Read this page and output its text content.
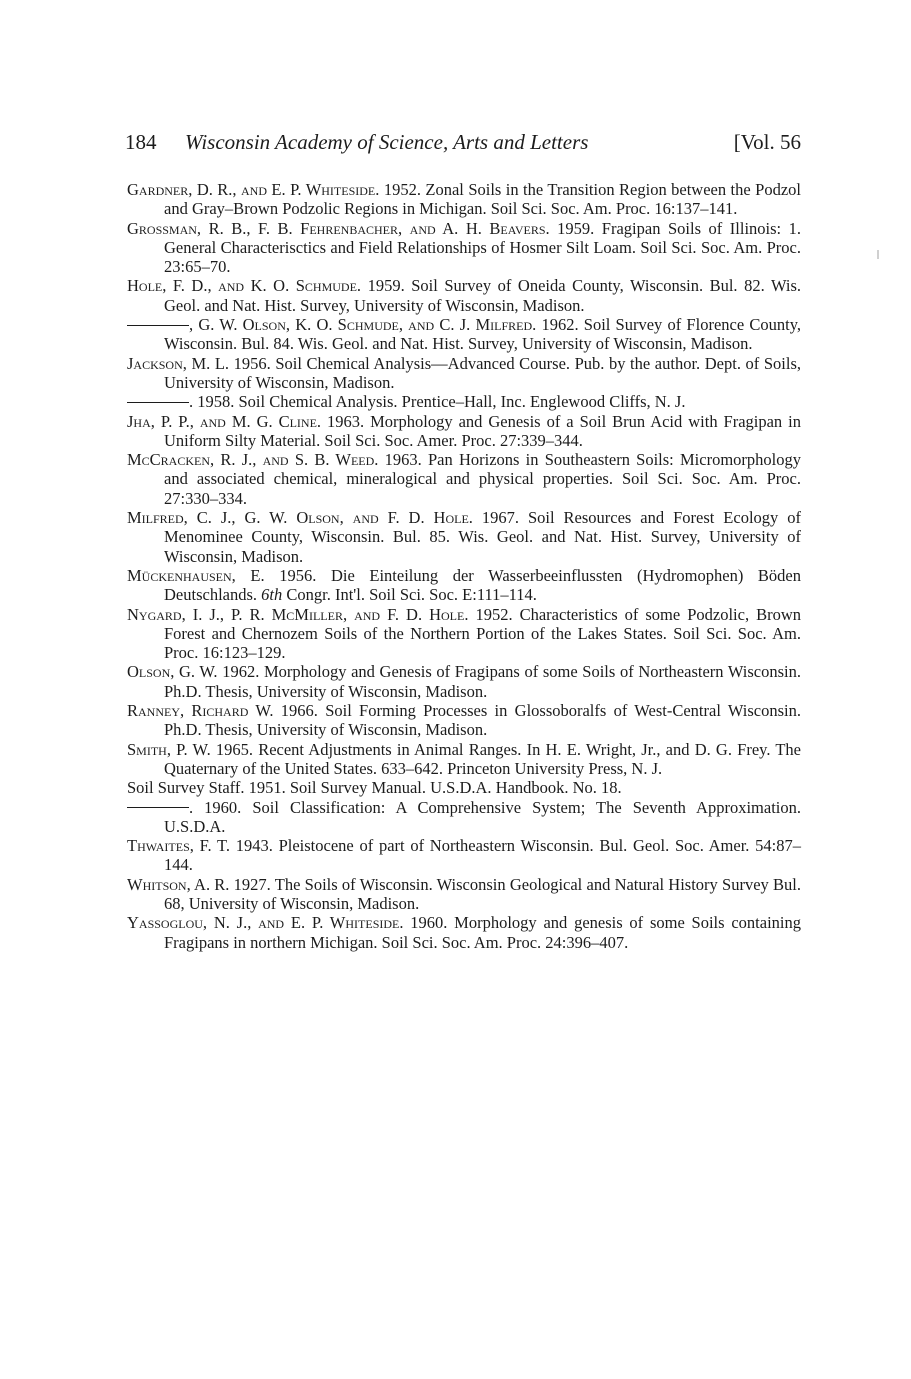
184 Wisconsin Academy of Science, Arts and Letters	[Vol. 56

Gardner, D. R., and E. P. Whiteside. 1952. Zonal Soils in the Transition Region between the Podzol and Gray–Brown Podzolic Regions in Michigan. Soil Sci. Soc. Am. Proc. 16:137–141.

Grossman, R. B., F. B. Fehrenbacher, and A. H. Beavers. 1959. Fragipan Soils of Illinois: 1. General Characterisctics and Field Relationships of Hosmer Silt Loam. Soil Sci. Soc. Am. Proc. 23:65–70.

Hole, F. D., and K. O. Schmude. 1959. Soil Survey of Oneida County, Wisconsin. Bul. 82. Wis. Geol. and Nat. Hist. Survey, University of Wisconsin, Madison.

, G. W. Olson, K. O. Schmude, and C. J. Milfred. 1962. Soil Survey of Florence County, Wisconsin. Bul. 84. Wis. Geol. and Nat. Hist. Survey, University of Wisconsin, Madison.

Jackson, M. L. 1956. Soil Chemical Analysis—Advanced Course. Pub. by the author. Dept. of Soils, University of Wisconsin, Madison.

. 1958. Soil Chemical Analysis. Prentice–Hall, Inc. Englewood Cliffs, N. J.

Jha, P. P., and M. G. Cline. 1963. Morphology and Genesis of a Soil Brun Acid with Fragipan in Uniform Silty Material. Soil Sci. Soc. Amer. Proc. 27:339–344.

McCracken, R. J., and S. B. Weed. 1963. Pan Horizons in Southeastern Soils: Micromorphology and associated chemical, mineralogical and physical properties. Soil Sci. Soc. Am. Proc. 27:330–334.

Milfred, C. J., G. W. Olson, and F. D. Hole. 1967. Soil Resources and Forest Ecology of Menominee County, Wisconsin. Bul. 85. Wis. Geol. and Nat. Hist. Survey, University of Wisconsin, Madison.

Mückenhausen, E. 1956. Die Einteilung der Wasserbeeinflussten (Hydromophen) Böden Deutschlands. 6th Congr. Int'l. Soil Sci. Soc. E:111–114.

Nygard, I. J., P. R. McMiller, and F. D. Hole. 1952. Characteristics of some Podzolic, Brown Forest and Chernozem Soils of the Northern Portion of the Lakes States. Soil Sci. Soc. Am. Proc. 16:123–129.

Olson, G. W. 1962. Morphology and Genesis of Fragipans of some Soils of Northeastern Wisconsin. Ph.D. Thesis, University of Wisconsin, Madison.

Ranney, Richard W. 1966. Soil Forming Processes in Glossoboralfs of West-Central Wisconsin. Ph.D. Thesis, University of Wisconsin, Madison.

Smith, P. W. 1965. Recent Adjustments in Animal Ranges. In H. E. Wright, Jr., and D. G. Frey. The Quaternary of the United States. 633–642. Princeton University Press, N. J.

Soil Survey Staff. 1951. Soil Survey Manual. U.S.D.A. Handbook. No. 18.

. 1960. Soil Classification: A Comprehensive System; The Seventh Approximation. U.S.D.A.

Thwaites, F. T. 1943. Pleistocene of part of Northeastern Wisconsin. Bul. Geol. Soc. Amer. 54:87–144.

Whitson, A. R. 1927. The Soils of Wisconsin. Wisconsin Geological and Natural History Survey Bul. 68, University of Wisconsin, Madison.

Yassoglou, N. J., and E. P. Whiteside. 1960. Morphology and genesis of some Soils containing Fragipans in northern Michigan. Soil Sci. Soc. Am. Proc. 24:396–407.
